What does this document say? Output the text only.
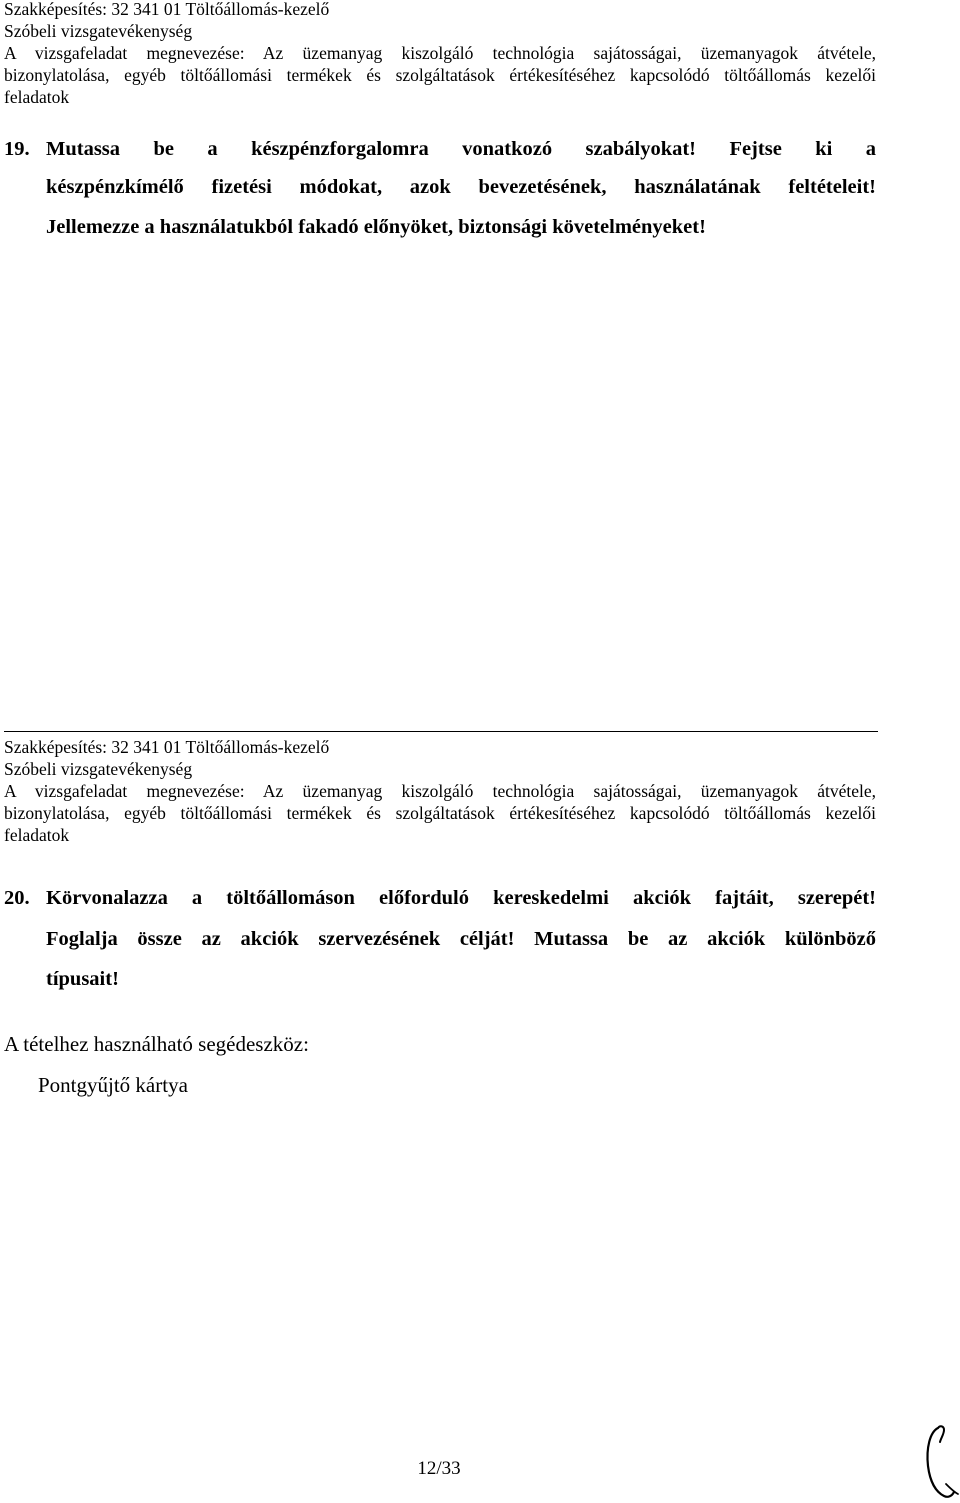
Szakképesítés: 32 341 01 Töltőállomás-kezelő
Szóbeli vizsgatevékenység
A vizsgafeladat megnevezése: Az üzemanyag kiszolgáló technológia sajátosságai, üzemanyagok átvétele,
bizonylatolása, egyéb töltőállomási termékek és szolgáltatások értékesítéséhez kapcsolódó töltőállomás kezelői
feladatok
19. Mutassa be a készpénzforgalomra vonatkozó szabályokat! Fejtse ki a
készpénzkímélő fizetési módokat, azok bevezetésének, használatának feltételeit!
Jellemezze a használatukból fakadó előnyöket, biztonsági követelményeket!
Szakképesítés: 32 341 01 Töltőállomás-kezelő
Szóbeli vizsgatevékenység
A vizsgafeladat megnevezése: Az üzemanyag kiszolgáló technológia sajátosságai, üzemanyagok átvétele,
bizonylatolása, egyéb töltőállomási termékek és szolgáltatások értékesítéséhez kapcsolódó töltőállomás kezelői
feladatok
20. Körvonalazza a töltőállomáson előforduló kereskedelmi akciók fajtáit, szerepét!
Foglalja össze az akciók szervezésének célját! Mutassa be az akciók különböző
típusait!
A tételhez használható segédeszköz:
Pontgyűjtő kártya
12/33
